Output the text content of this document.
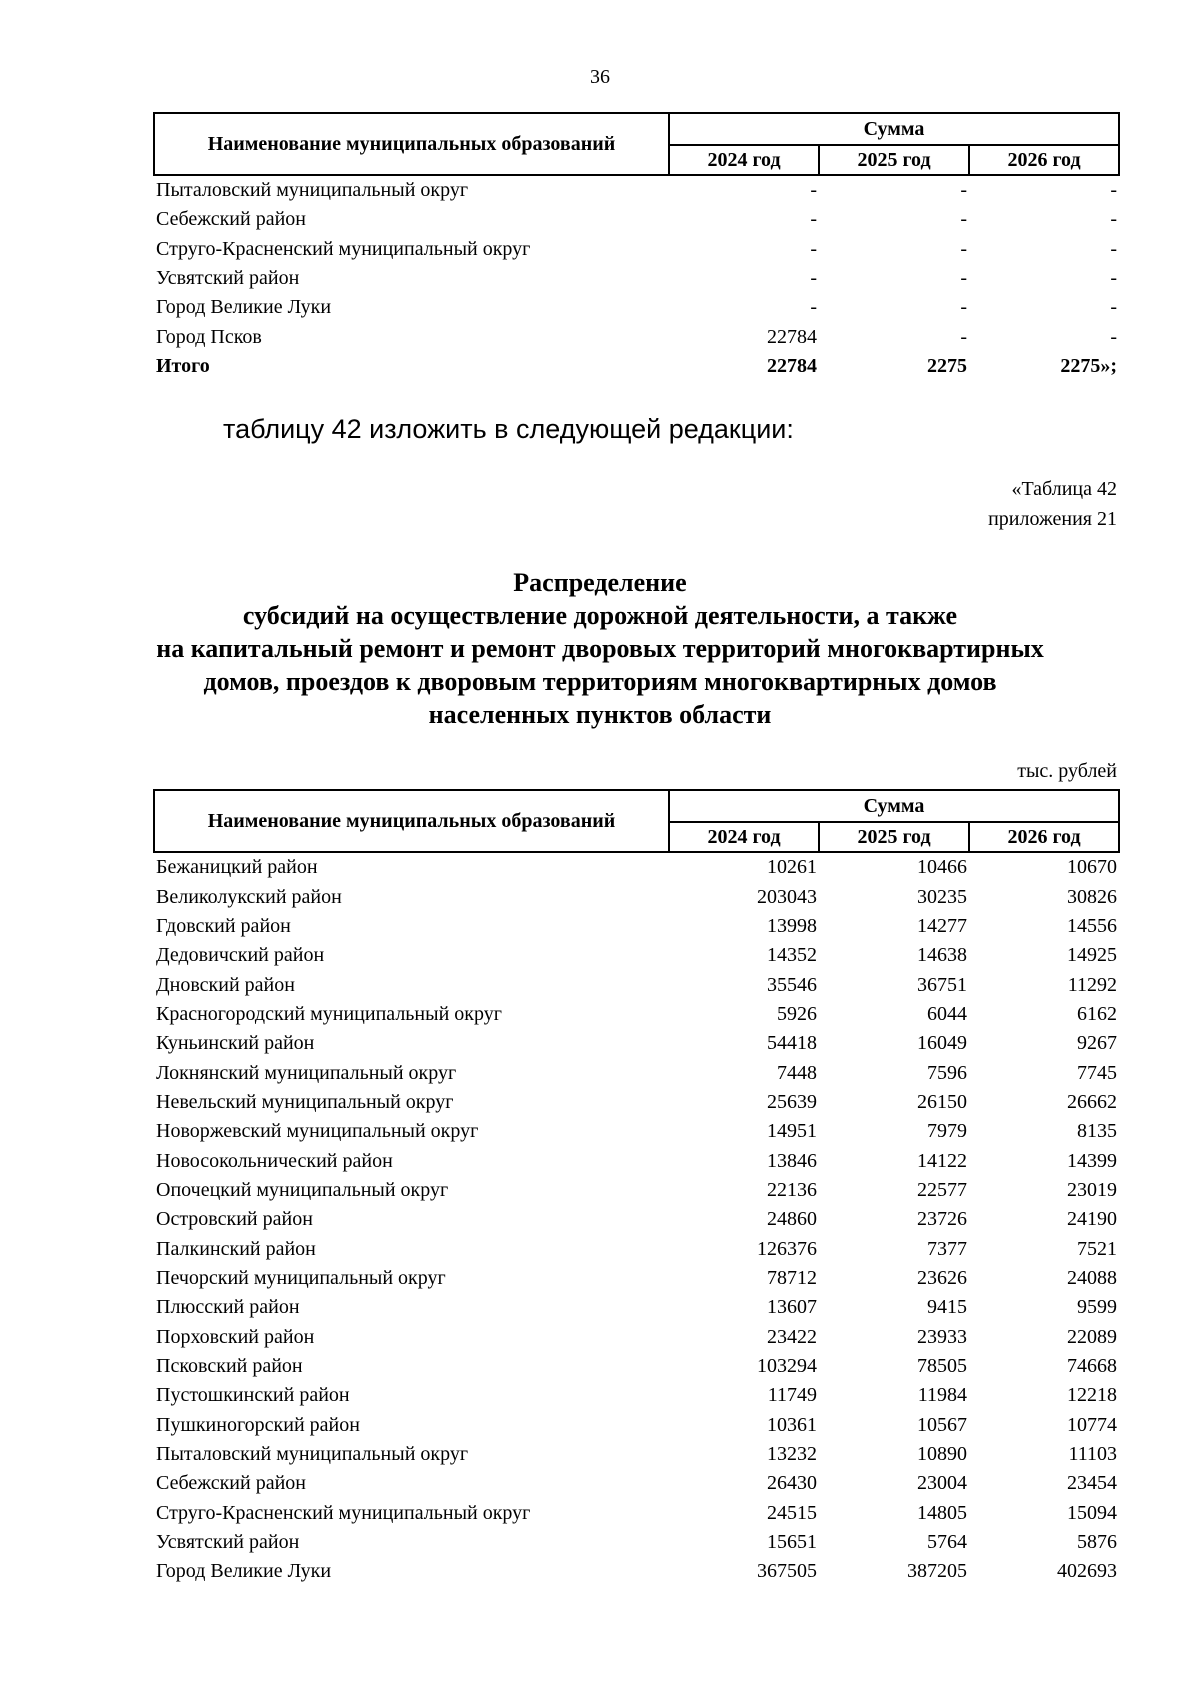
36
Наименование муниципальных образований	Сумма		
	2024 год	2025 год	2026 год
Пыталовский муниципальный округ	-	-	-
Себежский район	-	-	-
Струго-Красненский муниципальный округ	-	-	-
Усвятский район	-	-	-
Город Великие Луки	-	-	-
Город Псков	22784	-	-
Итого	22784	2275	2275»;
таблицу 42 изложить в следующей редакции:
«Таблица 42
приложения 21
Распределение
субсидий на осуществление дорожной деятельности, а также
на капитальный ремонт и ремонт дворовых территорий многоквартирных
домов, проездов к дворовым территориям многоквартирных домов
населенных пунктов области
тыс. рублей
Наименование муниципальных образований	Сумма		
	2024 год	2025 год	2026 год
Бежаницкий район	10261	10466	10670
Великолукский район	203043	30235	30826
Гдовский район	13998	14277	14556
Дедовичский район	14352	14638	14925
Дновский район	35546	36751	11292
Красногородский муниципальный округ	5926	6044	6162
Куньинский район	54418	16049	9267
Локнянский муниципальный округ	7448	7596	7745
Невельский муниципальный округ	25639	26150	26662
Новоржевский муниципальный округ	14951	7979	8135
Новосокольнический район	13846	14122	14399
Опочецкий муниципальный округ	22136	22577	23019
Островский район	24860	23726	24190
Палкинский район	126376	7377	7521
Печорский муниципальный округ	78712	23626	24088
Плюсский район	13607	9415	9599
Порховский район	23422	23933	22089
Псковский район	103294	78505	74668
Пустошкинский район	11749	11984	12218
Пушкиногорский район	10361	10567	10774
Пыталовский муниципальный округ	13232	10890	11103
Себежский район	26430	23004	23454
Струго-Красненский муниципальный округ	24515	14805	15094
Усвятский район	15651	5764	5876
Город Великие Луки	367505	387205	402693
